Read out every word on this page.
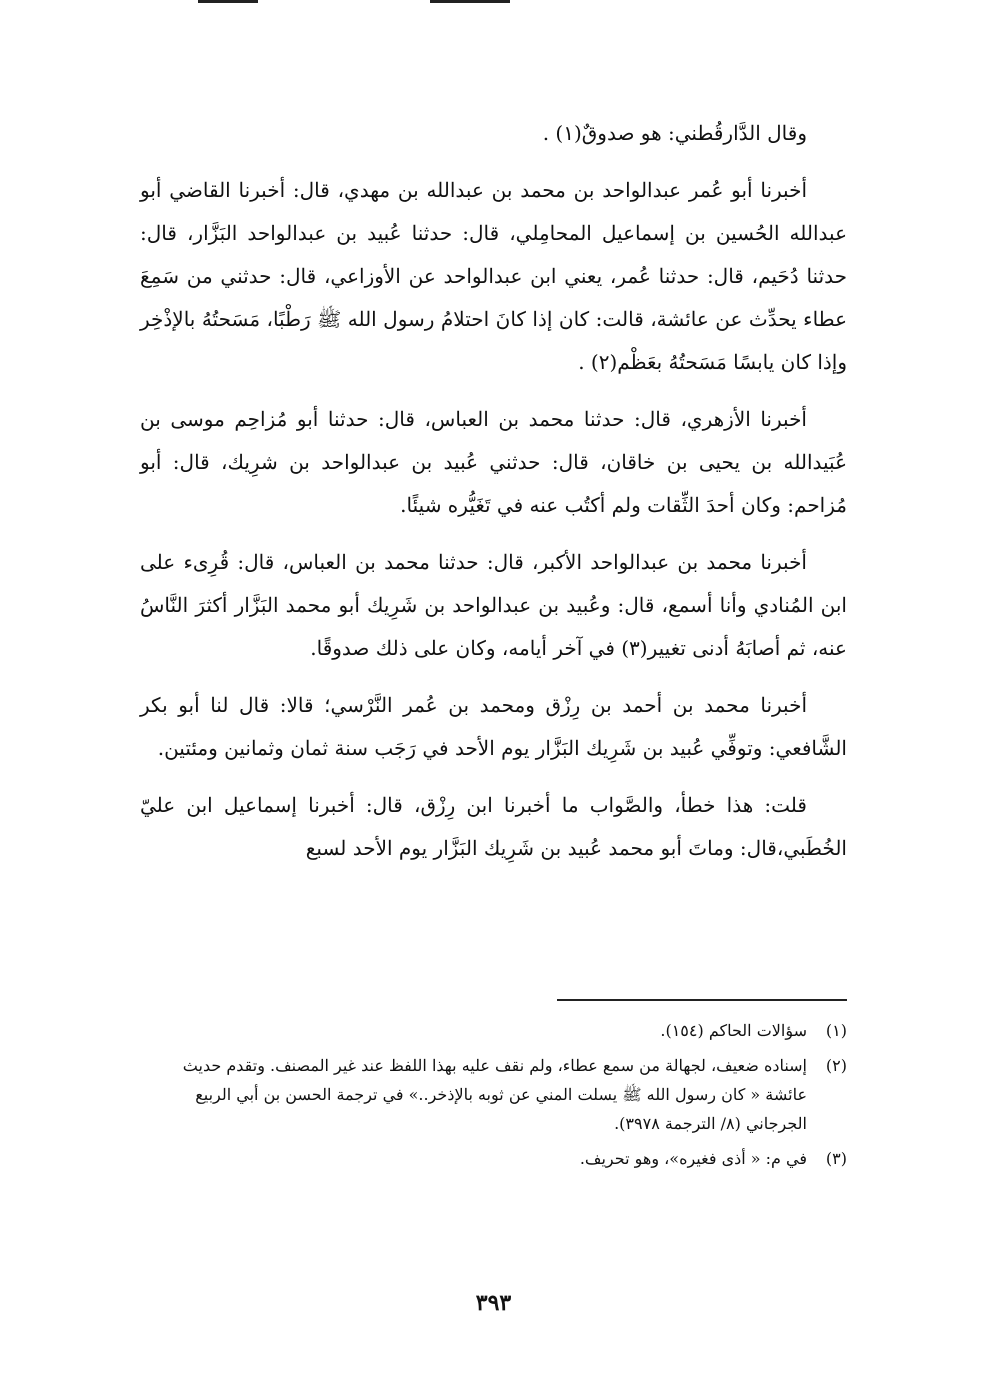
وقال الدَّارقُطني: هو صدوقٌ(١) .

أخبرنا أبو عُمر عبدالواحد بن محمد بن عبدالله بن مهدي، قال: أخبرنا القاضي أبو عبدالله الحُسين بن إسماعيل المحامِلي، قال: حدثنا عُبيد بن عبدالواحد البَزَّار، قال: حدثنا دُحَيم، قال: حدثنا عُمر، يعني ابن عبدالواحد عن الأوزاعي، قال: حدثني من سَمِعَ عطاء يحدِّث عن عائشة، قالت: كان إذا كانَ احتلامُ رسول الله ﷺ رَطْبًا، مَسَحتُهُ بالإذْخِر وإذا كان يابسًا مَسَحتُهُ بعَظْم(٢) .

أخبرنا الأزهري، قال: حدثنا محمد بن العباس، قال: حدثنا أبو مُزاحِم موسى بن عُبَيدالله بن يحيى بن خاقان، قال: حدثني عُبيد بن عبدالواحد بن شرِيك، قال: أبو مُزاحم: وكان أحدَ الثِّقات ولم أكتُب عنه في تَغَيُّره شيئًا.

أخبرنا محمد بن عبدالواحد الأكبر، قال: حدثنا محمد بن العباس، قال: قُرِىء على ابن المُنادي وأنا أسمع، قال: وعُبيد بن عبدالواحد بن شَرِيك أبو محمد البَزَّار أكثرَ النَّاسُ عنه، ثم أصابَهُ أدنى تغيير(٣) في آخر أيامه، وكان على ذلك صدوقًا.

أخبرنا محمد بن أحمد بن رِزْق ومحمد بن عُمر النَّرْسي؛ قالا: قال لنا أبو بكر الشَّافعي: وتوفِّي عُبيد بن شَرِيك البَزَّار يوم الأحد في رَجَب سنة ثمان وثمانين ومئتين.

قلت: هذا خطأ، والصَّواب ما أخبرنا ابن رِزْق، قال: أخبرنا إسماعيل ابن عليّ الخُطَبي،قال: وماتَ أبو محمد عُبيد بن شَرِيك البَزَّار يوم الأحد لسبع

(١)
سؤالات الحاكم (١٥٤).
(٢)
إسناده ضعيف، لجهالة من سمع عطاء، ولم نقف عليه بهذا اللفظ عند غير المصنف. وتقدم حديث عائشة « كان رسول الله ﷺ يسلت المني عن ثوبه بالإذخر..» في ترجمة الحسن بن أبي الربيع الجرجاني (٨/ الترجمة ٣٩٧٨).
(٣)
في م: « أذى فغيره»، وهو تحريف.
٣٩٣
